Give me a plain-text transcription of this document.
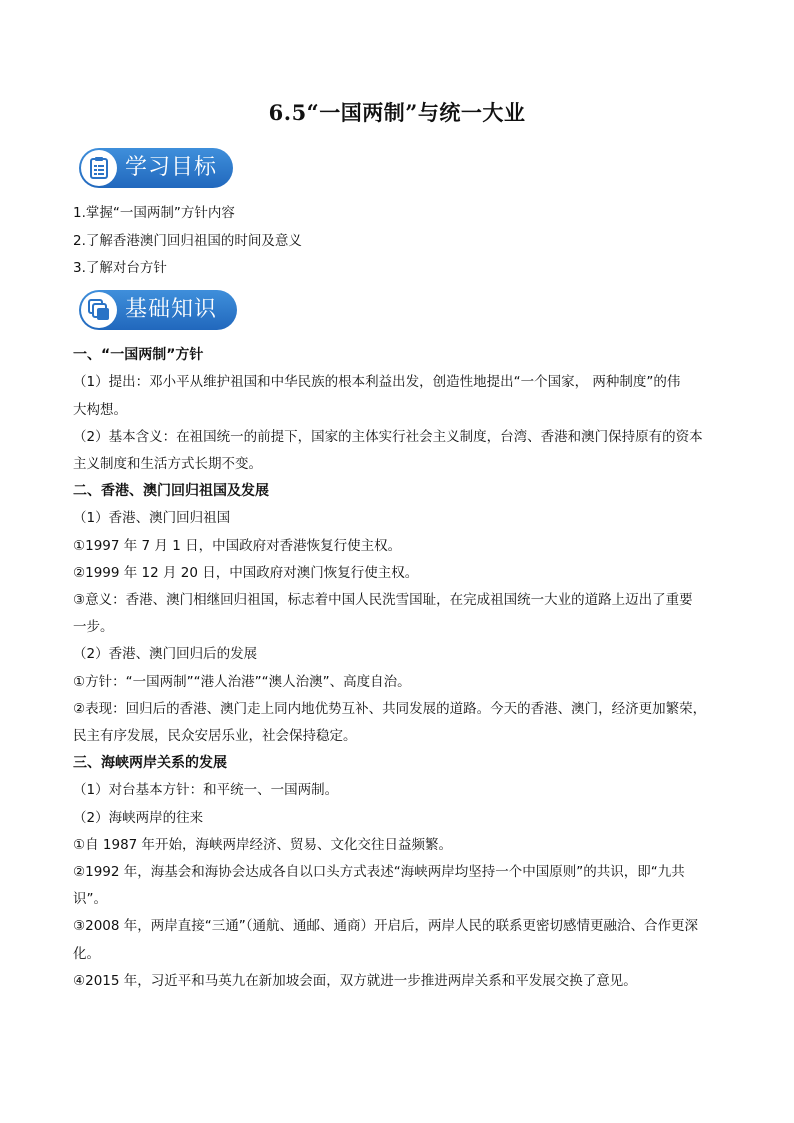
6.5“一国两制”与统一大业
学习目标
1.掌握“一国两制”方针内容
2.了解香港澳门回归祖国的时间及意义
3.了解对台方针
基础知识
一、“一国两制”方针
（1）提出：邓小平从维护祖国和中华民族的根本利益出发，创造性地提出“一个国家， 两种制度”的伟
大构想。
（2）基本含义：在祖国统一的前提下，国家的主体实行社会主义制度，台湾、香港和澳门保持原有的资本
主义制度和生活方式长期不变。
二、香港、澳门回归祖国及发展
（1）香港、澳门回归祖国
①1997 年 7 月 1 日，中国政府对香港恢复行使主权。
②1999 年 12 月 20 日，中国政府对澳门恢复行使主权。
③意义：香港、澳门相继回归祖国，标志着中国人民洗雪国耻，在完成祖国统一大业的道路上迈出了重要
一步。
（2）香港、澳门回归后的发展
①方针：“一国两制”“港人治港”“澳人治澳”、高度自治。
②表现：回归后的香港、澳门走上同内地优势互补、共同发展的道路。今天的香港、澳门，经济更加繁荣，
民主有序发展，民众安居乐业，社会保持稳定。
三、海峡两岸关系的发展
（1）对台基本方针：和平统一、一国两制。
（2）海峡两岸的往来
①自 1987 年开始，海峡两岸经济、贸易、文化交往日益频繁。
②1992 年，海基会和海协会达成各自以口头方式表述“海峡两岸均坚持一个中国原则”的共识，即“九共
识”。
③2008 年，两岸直接“三通”（通航、通邮、通商）开启后，两岸人民的联系更密切感情更融洽、合作更深
化。
④2015 年，习近平和马英九在新加坡会面，双方就进一步推进两岸关系和平发展交换了意见。
